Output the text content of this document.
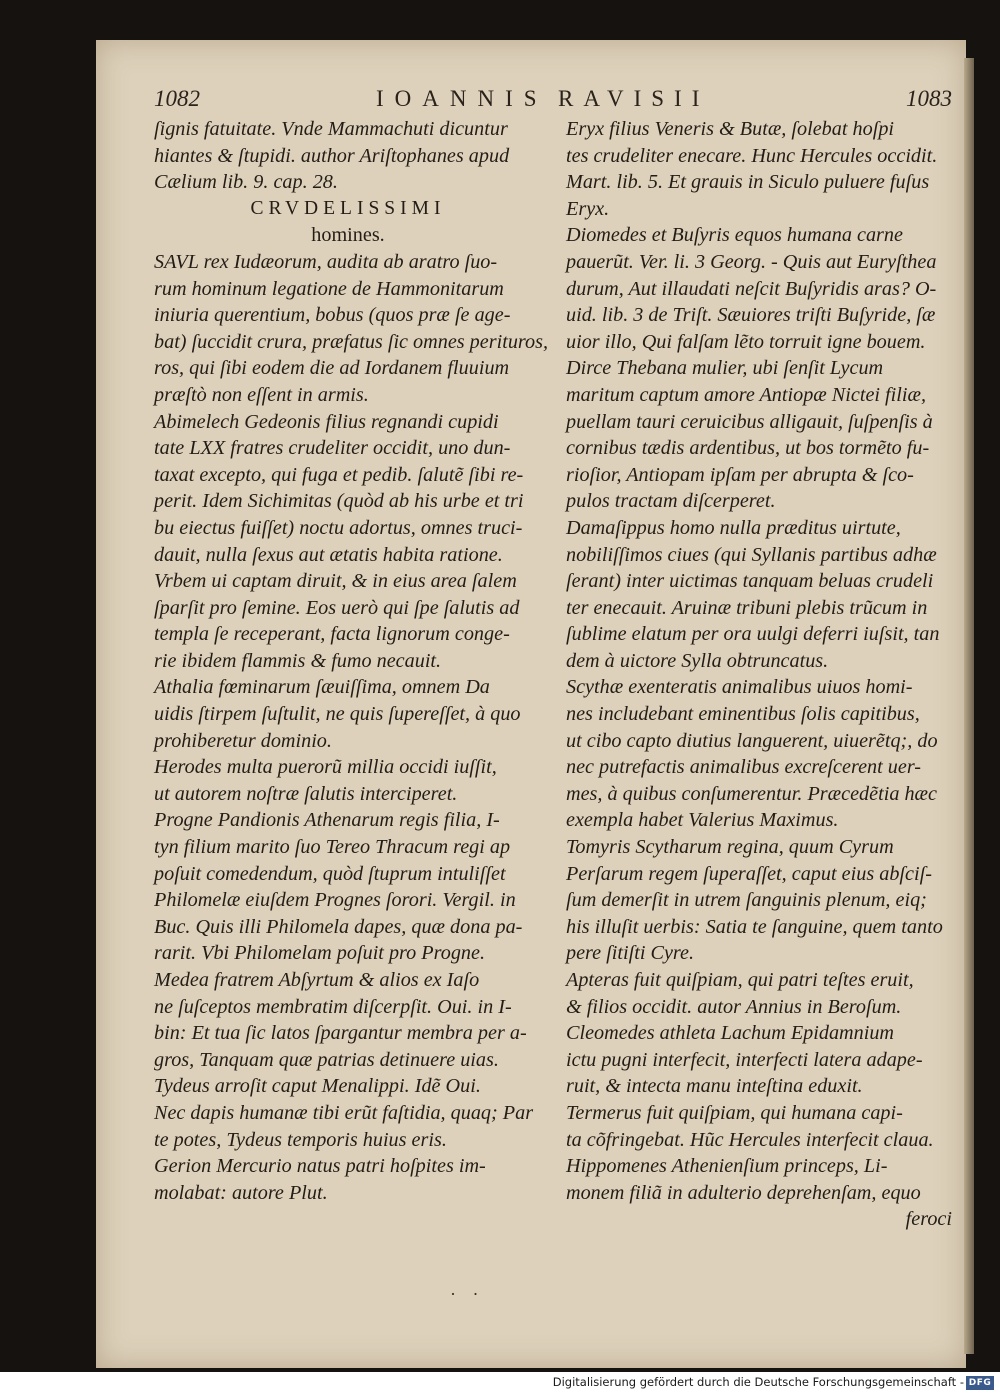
1082	IOANNIS RAVISII	1083
ſignis fatuitate. Vnde Mammachuti dicuntur
hiantes & ſtupidi. author Ariſtophanes apud
Cælium lib. 9. cap. 28.
CRVDELISSIMI
homines.
SAVL rex Iudæorum, audita ab aratro ſuo-
rum hominum legatione de Hammonitarum
iniuria querentium, bobus (quos præ ſe age-
bat) ſuccidit crura, præfatus ſic omnes perituros,
ros, qui ſibi eodem die ad Iordanem fluuium
præſtò non eſſent in armis.
Abimelech Gedeonis filius regnandi cupidi
tate LXX fratres crudeliter occidit, uno dun-
taxat excepto, qui fuga et pedib. ſalutẽ ſibi re-
perit. Idem Sichimitas (quòd ab his urbe et tri
bu eiectus fuiſſet) noctu adortus, omnes truci-
dauit, nulla ſexus aut ætatis habita ratione.
Vrbem ui captam diruit, & in eius area ſalem
ſparſit pro ſemine. Eos uerò qui ſpe ſalutis ad
templa ſe receperant, facta lignorum conge-
rie ibidem flammis & fumo necauit.
Athalia fœminarum ſæuiſſima, omnem Da
uidis ſtirpem ſuſtulit, ne quis ſupereſſet, à quo
prohiberetur dominio.
Herodes multa puerorũ millia occidi iuſſit,
ut autorem noſtræ ſalutis interciperet.
Progne Pandionis Athenarum regis filia, I-
tyn filium marito ſuo Tereo Thracum regi ap
poſuit comedendum, quòd ſtuprum intuliſſet
Philomelæ eiuſdem Prognes ſorori. Vergil. in
Buc. Quis illi Philomela dapes, quæ dona pa-
rarit. Vbi Philomelam poſuit pro Progne.
Medea fratrem Abſyrtum & alios ex Iaſo
ne ſuſceptos membratim diſcerpſit. Oui. in I-
bin: Et tua ſic latos ſpargantur membra per a-
gros, Tanquam quæ patrias detinuere uias.
Tydeus arroſit caput Menalippi. Idẽ Oui.
Nec dapis humanæ tibi erũt faſtidia, quaq; Par
te potes, Tydeus temporis huius eris.
Gerion Mercurio natus patri hoſpites im-
molabat: autore Plut.
Eryx filius Veneris & Butæ, ſolebat hoſpi
tes crudeliter enecare. Hunc Hercules occidit.
Mart. lib. 5. Et grauis in Siculo puluere fuſus
Eryx.
Diomedes et Buſyris equos humana carne
pauerũt. Ver. li. 3 Georg. - Quis aut Euryſthea
durum, Aut illaudati neſcit Buſyridis aras? O-
uid. lib. 3 de Triſt. Sæuiores triſti Buſyride, ſæ
uior illo, Qui falſam lẽto torruit igne bouem.
Dirce Thebana mulier, ubi ſenſit Lycum
maritum captum amore Antiopæ Nictei filiæ,
puellam tauri ceruicibus alligauit, ſuſpenſis à
cornibus tædis ardentibus, ut bos tormẽto fu-
rioſior, Antiopam ipſam per abrupta & ſco-
pulos tractam diſcerperet.
Damaſippus homo nulla præditus uirtute,
nobiliſſimos ciues (qui Syllanis partibus adhæ
ſerant) inter uictimas tanquam beluas crudeli
ter enecauit. Aruinæ tribuni plebis trũcum in
ſublime elatum per ora uulgi deferri iuſsit, tan
dem à uictore Sylla obtruncatus.
Scythæ exenteratis animalibus uiuos homi-
nes includebant eminentibus ſolis capitibus,
ut cibo capto diutius languerent, uiuerẽtq;, do
nec putrefactis animalibus excreſcerent uer-
mes, à quibus conſumerentur. Præcedẽtia hæc
exempla habet Valerius Maximus.
Tomyris Scytharum regina, quum Cyrum
Perſarum regem ſuperaſſet, caput eius abſciſ-
ſum demerſit in utrem ſanguinis plenum, eiq;
his illuſit uerbis: Satia te ſanguine, quem tanto
pere ſitiſti Cyre.
Apteras fuit quiſpiam, qui patri teſtes eruit,
& filios occidit. autor Annius in Beroſum.
Cleomedes athleta Lachum Epidamnium
ictu pugni interfecit, interfecti latera adape-
ruit, & intecta manu inteſtina eduxit.
Termerus fuit quiſpiam, qui humana capi-
ta cõfringebat. Hũc Hercules interfecit claua.
Hippomenes Athenienſium princeps, Li-
monem filiã in adulterio deprehenſam, equo
feroci
· ·
Digitalisierung gefördert durch die Deutsche Forschungsgemeinschaft - DFG
